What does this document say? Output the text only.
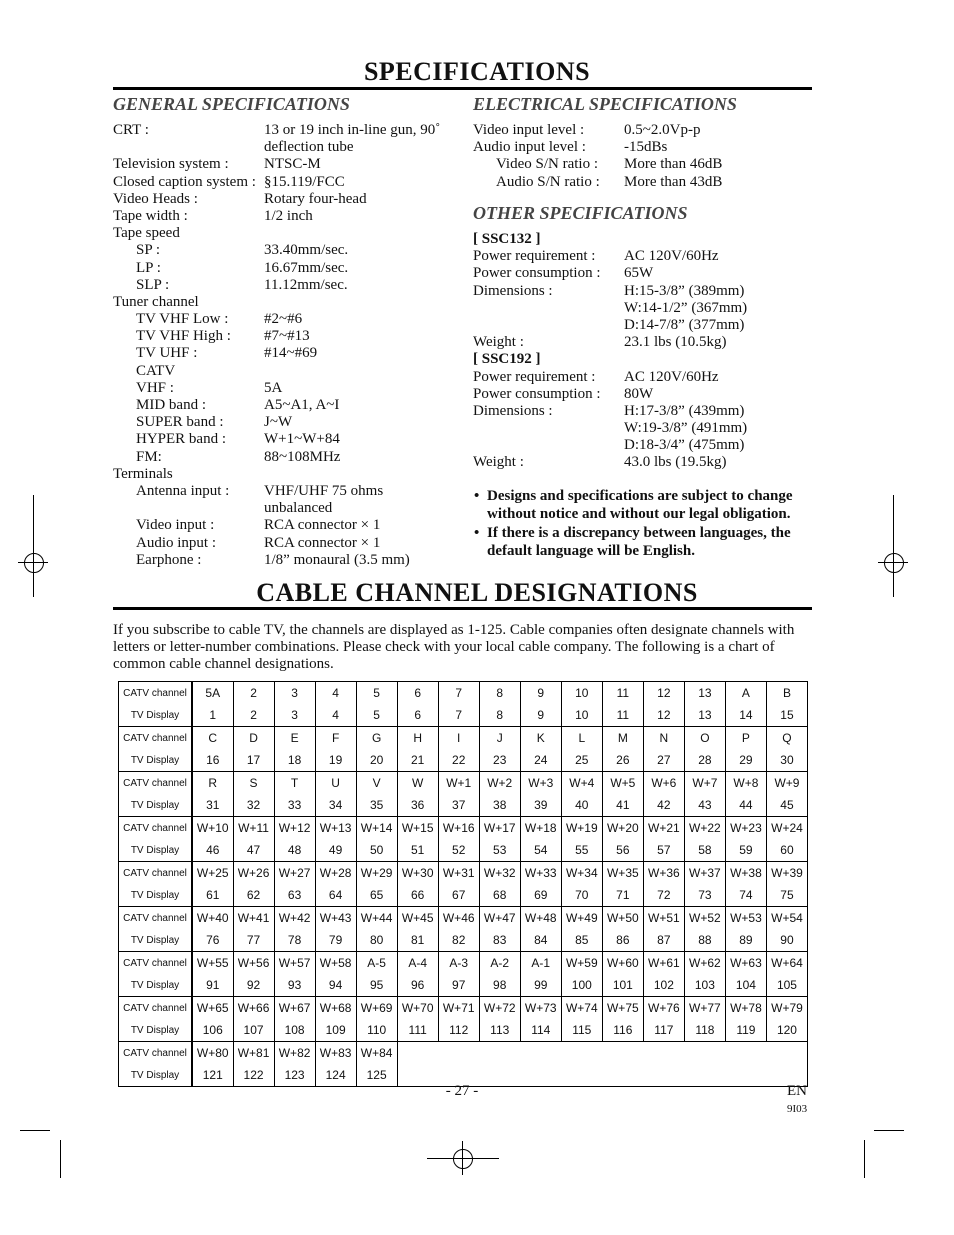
SPECIFICATIONS
GENERAL SPECIFICATIONS
CRT :	13 or 19 inch in-line gun, 90˚
deflection tube
Television system : NTSC-M
Closed caption system : §15.119/FCC
Video Heads :	Rotary four-head
Tape width :	1/2 inch
Tape speed
SP :	33.40mm/sec.
LP :	16.67mm/sec.
SLP :	11.12mm/sec.
Tuner channel
TV VHF Low : #2~#6
TV VHF High : #7~#13
TV UHF :	#14~#69
CATV
VHF :	5A
MID band :	A5~A1, A~I
SUPER band :	J~W
HYPER band :	W+1~W+84
FM:	88~108MHz
Terminals
Antenna input : VHF/UHF 75 ohms
unbalanced
Video input :	RCA connector × 1
Audio input :	RCA connector × 1
Earphone :	1/8” monaural (3.5 mm)
ELECTRICAL SPECIFICATIONS
Video input level :	0.5~2.0Vp-p
Audio input level :	-15dBs
Video S/N ratio : More than 46dB
Audio S/N ratio : More than 43dB
OTHER SPECIFICATIONS
[ SSC132 ]
Power requirement : AC 120V/60Hz
Power consumption : 65W
Dimensions :	H:15-3/8” (389mm)
W:14-1/2” (367mm)
D:14-7/8” (377mm)
Weight :	23.1 lbs (10.5kg)
[ SSC192 ]
Power requirement : AC 120V/60Hz
Power consumption : 80W
Dimensions :	H:17-3/8” (439mm)
W:19-3/8” (491mm)
D:18-3/4” (475mm)
Weight :	43.0 lbs (19.5kg)
• Designs and specifications are subject to change without notice and without our legal obligation.
• If there is a discrepancy between languages, the default language will be English.
CABLE CHANNEL DESIGNATIONS
If you subscribe to cable TV, the channels are displayed as 1-125. Cable companies often designate channels with letters or letter-number combinations. Please check with your local cable company. The following is a chart of common cable channel designations.
CATV channel	5A	2	3	4	5	6	7	8	9	10	11	12	13	A	B
TV Display	1	2	3	4	5	6	7	8	9	10	11	12	13	14	15
CATV channel	C	D	E	F	G	H	I	J	K	L	M	N	O	P	Q
TV Display	16	17	18	19	20	21	22	23	24	25	26	27	28	29	30
CATV channel	R	S	T	U	V	W	W+1	W+2	W+3	W+4	W+5	W+6	W+7	W+8	W+9
TV Display	31	32	33	34	35	36	37	38	39	40	41	42	43	44	45
CATV channel	W+10	W+11	W+12	W+13	W+14	W+15	W+16	W+17	W+18	W+19	W+20	W+21	W+22	W+23	W+24
TV Display	46	47	48	49	50	51	52	53	54	55	56	57	58	59	60
CATV channel	W+25	W+26	W+27	W+28	W+29	W+30	W+31	W+32	W+33	W+34	W+35	W+36	W+37	W+38	W+39
TV Display	61	62	63	64	65	66	67	68	69	70	71	72	73	74	75
CATV channel	W+40	W+41	W+42	W+43	W+44	W+45	W+46	W+47	W+48	W+49	W+50	W+51	W+52	W+53	W+54
TV Display	76	77	78	79	80	81	82	83	84	85	86	87	88	89	90
CATV channel	W+55	W+56	W+57	W+58	A-5	A-4	A-3	A-2	A-1	W+59	W+60	W+61	W+62	W+63	W+64
TV Display	91	92	93	94	95	96	97	98	99	100	101	102	103	104	105
CATV channel	W+65	W+66	W+67	W+68	W+69	W+70	W+71	W+72	W+73	W+74	W+75	W+76	W+77	W+78	W+79
TV Display	106	107	108	109	110	111	112	113	114	115	116	117	118	119	120
CATV channel	W+80	W+81	W+82	W+83	W+84										
TV Display	121	122	123	124	125										
- 27 -	EN
9I03
